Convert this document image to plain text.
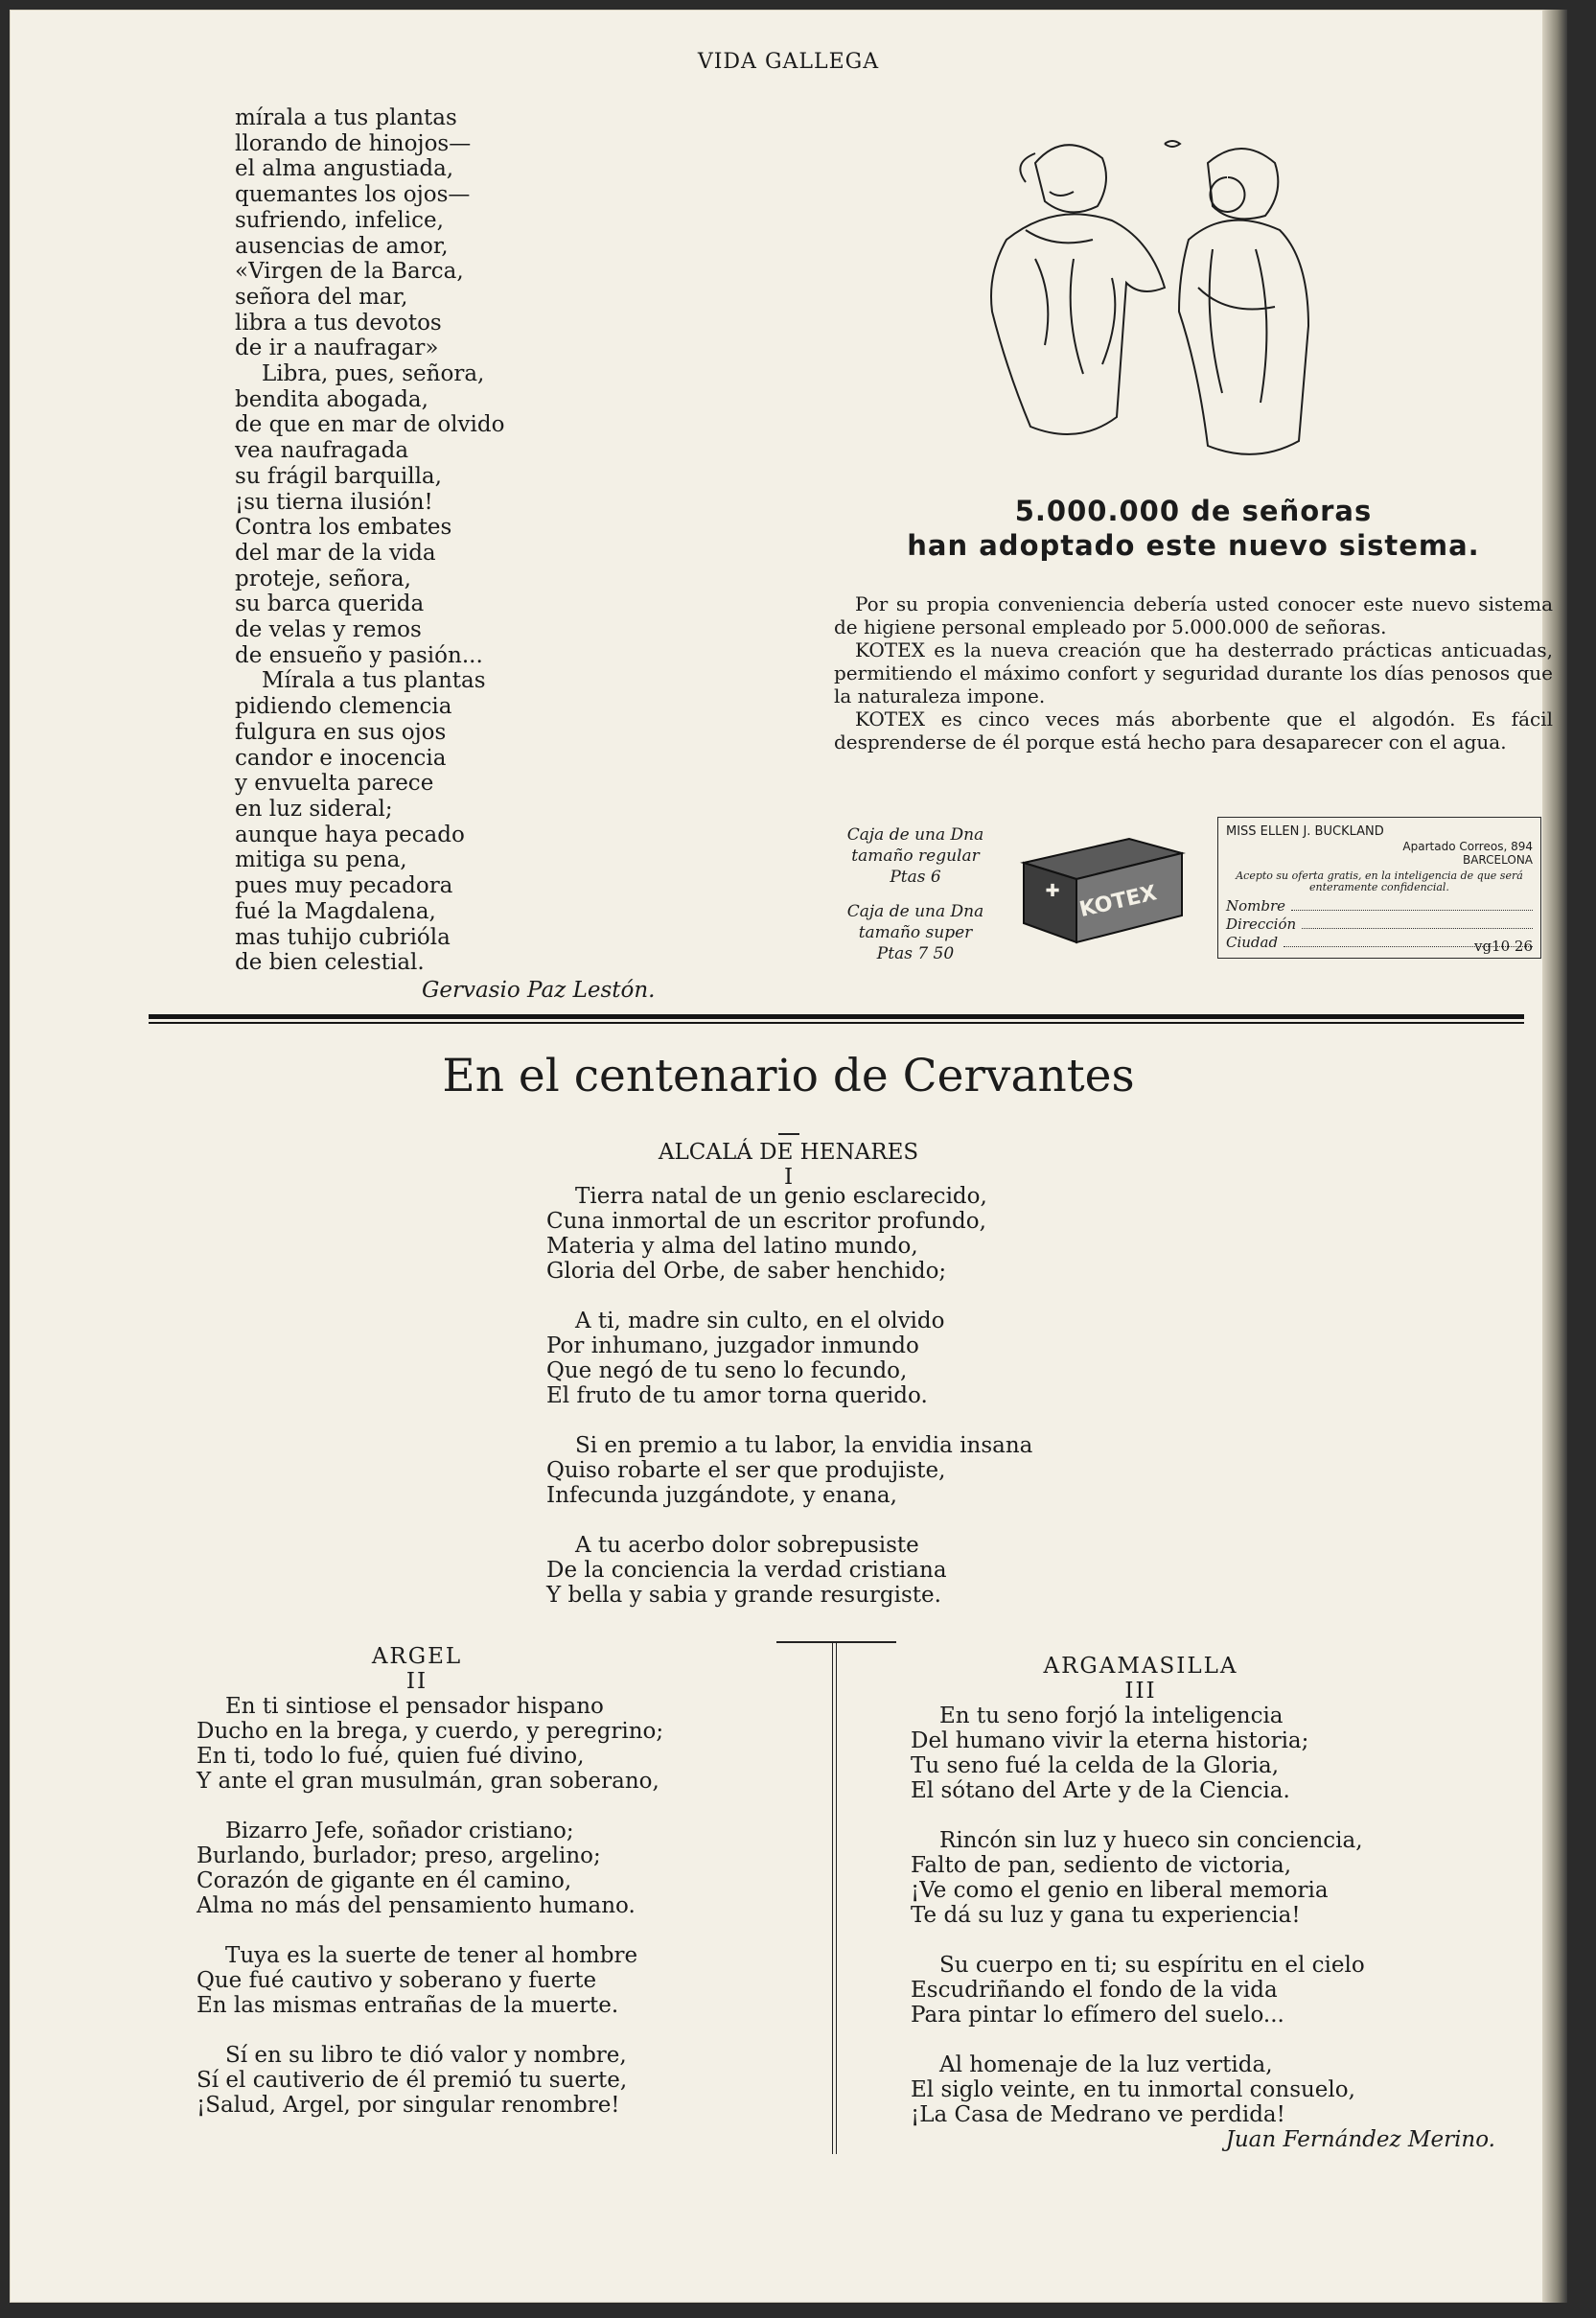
VIDA GALLEGA
mírala a tus plantas
llorando de hinojos—
el alma angustiada,
quemantes los ojos—
sufriendo, infelice,
ausencias de amor,
«Virgen de la Barca,
señora del mar,
libra a tus devotos
de ir a naufragar»
Libra, pues, señora,
bendita abogada,
de que en mar de olvido
vea naufragada
su frágil barquilla,
¡su tierna ilusión!
Contra los embates
del mar de la vida
proteje, señora,
su barca querida
de velas y remos
de ensueño y pasión...
Mírala a tus plantas
pidiendo clemencia
fulgura en sus ojos
candor e inocencia
y envuelta parece
en luz sideral;
aunque haya pecado
mitiga su pena,
pues muy pecadora
fué la Magdalena,
mas tuhijo cubrióla
de bien celestial.
Gervasio Paz Lestón.
5.000.000 de señoras
han adoptado este nuevo sistema.

Por su propia conveniencia debería usted conocer este nuevo sistema de higiene personal empleado por 5.000.000 de señoras.

KOTEX es la nueva creación que ha desterrado prácticas anticuadas, permitiendo el máximo confort y seguridad durante los días penosos que la naturaleza impone.

KOTEX es cinco veces más aborbente que el algodón. Es fácil desprenderse de él porque está hecho para desaparecer con el agua.

Caja de una Dna
tamaño regular
Ptas 6
Caja de una Dna
tamaño super
Ptas 7 50
KOTEX
✚
MISS ELLEN J. BUCKLAND
Apartado Correos, 894
BARCELONA
Acepto su oferta gratis, en la inteligencia de que será enteramente confidencial.
Nombre
Dirección
Ciudad	vg10 26
En el centenario de Cervantes
ALCALÁ DE HENARES
I
Tierra natal de un genio esclarecido,
Cuna inmortal de un escritor profundo,
Materia y alma del latino mundo,
Gloria del Orbe, de saber henchido;
A ti, madre sin culto, en el olvido
Por inhumano, juzgador inmundo
Que negó de tu seno lo fecundo,
El fruto de tu amor torna querido.
Si en premio a tu labor, la envidia insana
Quiso robarte el ser que produjiste,
Infecunda juzgándote, y enana,
A tu acerbo dolor sobrepusiste
De la conciencia la verdad cristiana
Y bella y sabia y grande resurgiste.
ARGEL
II
En ti sintiose el pensador hispano
Ducho en la brega, y cuerdo, y peregrino;
En ti, todo lo fué, quien fué divino,
Y ante el gran musulmán, gran soberano,
Bizarro Jefe, soñador cristiano;
Burlando, burlador; preso, argelino;
Corazón de gigante en él camino,
Alma no más del pensamiento humano.
Tuya es la suerte de tener al hombre
Que fué cautivo y soberano y fuerte
En las mismas entrañas de la muerte.
Sí en su libro te dió valor y nombre,
Sí el cautiverio de él premió tu suerte,
¡Salud, Argel, por singular renombre!
ARGAMASILLA
III
En tu seno forjó la inteligencia
Del humano vivir la eterna historia;
Tu seno fué la celda de la Gloria,
El sótano del Arte y de la Ciencia.
Rincón sin luz y hueco sin conciencia,
Falto de pan, sediento de victoria,
¡Ve como el genio en liberal memoria
Te dá su luz y gana tu experiencia!
Su cuerpo en ti; su espíritu en el cielo
Escudriñando el fondo de la vida
Para pintar lo efímero del suelo...
Al homenaje de la luz vertida,
El siglo veinte, en tu inmortal consuelo,
¡La Casa de Medrano ve perdida!
Juan Fernández Merino.
